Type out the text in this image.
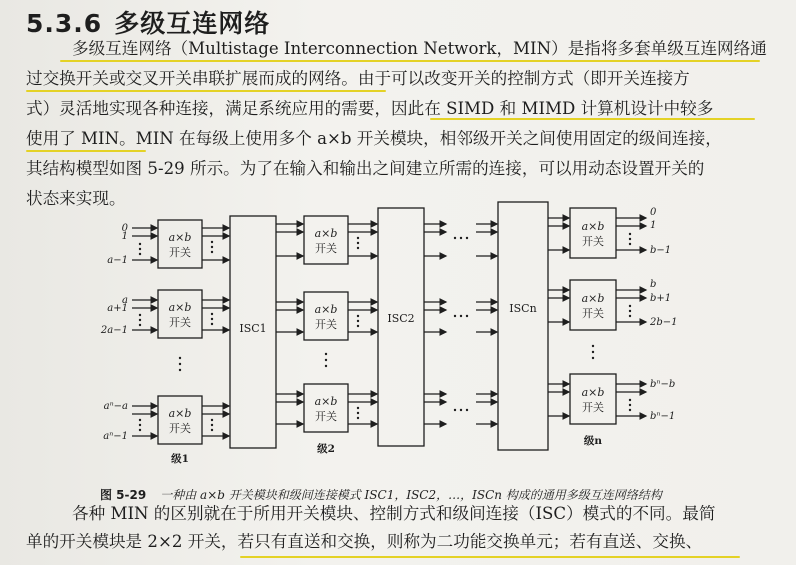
5.3.6 多级互连网络
多级互连网络（Multistage Interconnection Network，MIN）是指将多套单级互连网络通
过交换开关或交叉开关串联扩展而成的网络。由于可以改变开关的控制方式（即开关连接方
式）灵活地实现各种连接，满足系统应用的需要，因此在 SIMD 和 MIMD 计算机设计中较多
使用了 MIN。MIN 在每级上使用多个 a×b 开关模块，相邻级开关之间使用固定的级间连接，
其结构模型如图 5-29 所示。为了在输入和输出之间建立所需的连接，可以用动态设置开关的
状态来实现。
a×b
开关
a×b
开关
a×b
开关
a×b
开关
a×b
开关
a×b
开关
a×b
开关
a×b
开关
a×b
开关
ISC1
ISC2
ISCn
级1
级2
级n
0
1
a−1
a
a+1
2a−1
aⁿ−a
aⁿ−1
0
1
b−1
b
b+1
2b−1
bⁿ−b
bⁿ−1
图 5-29 一种由 a×b 开关模块和级间连接模式 ISC1，ISC2，…，ISCn 构成的通用多级互连网络结构
各种 MIN 的区别就在于所用开关模块、控制方式和级间连接（ISC）模式的不同。最简
单的开关模块是 2×2 开关，若只有直送和交换，则称为二功能交换单元；若有直送、交换、
